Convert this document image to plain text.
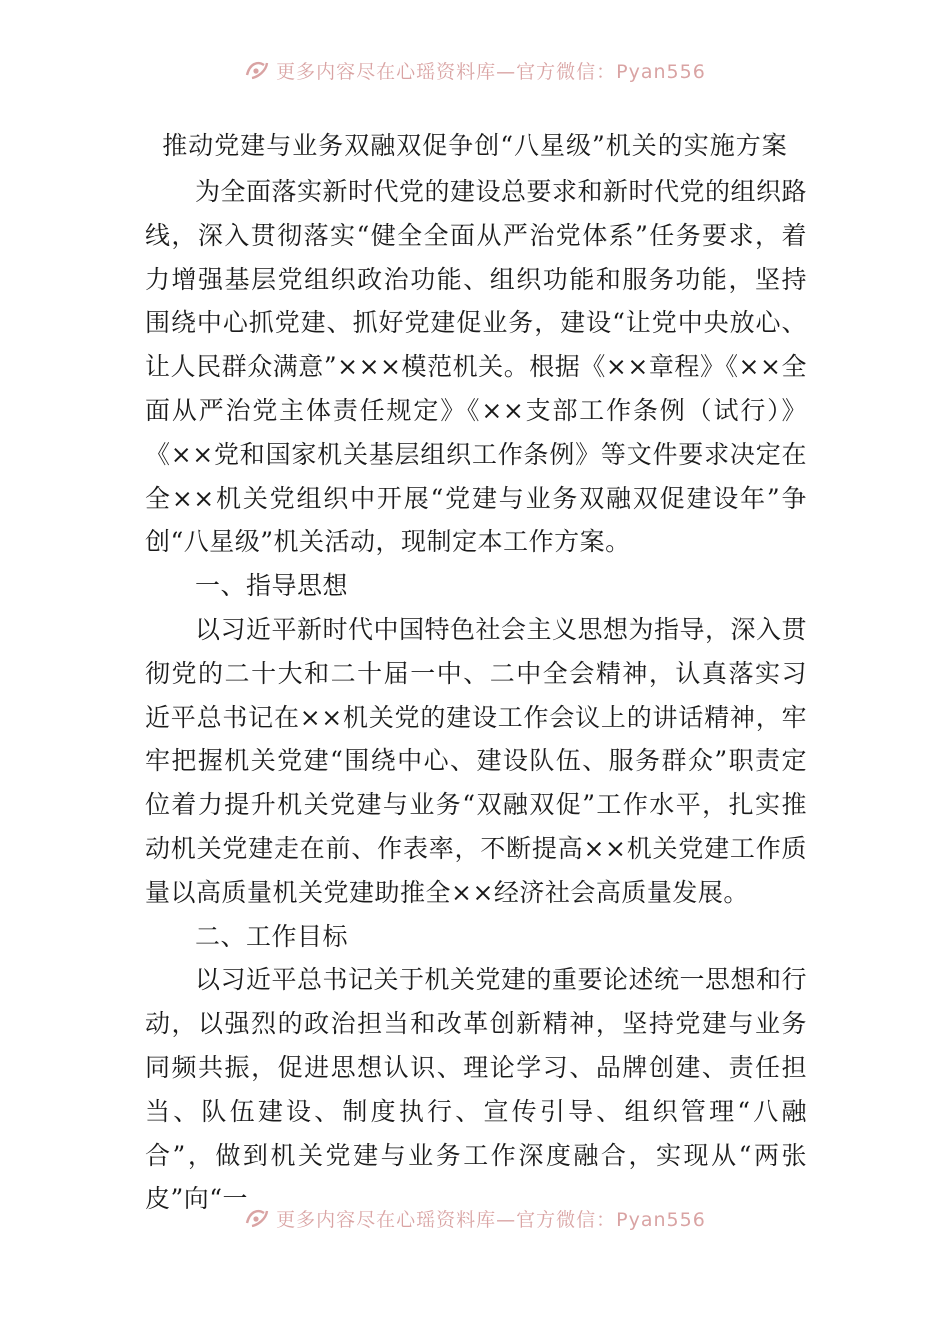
更多内容尽在心瑶资料库—官方微信：Pyan556
推动党建与业务双融双促争创“八星级”机关的实施方案

为全面落实新时代党的建设总要求和新时代党的组织路线，深入贯彻落实“健全全面从严治党体系”任务要求，着力增强基层党组织政治功能、组织功能和服务功能，坚持围绕中心抓党建、抓好党建促业务，建设“让党中央放心、让人民群众满意”×××模范机关。根据《××章程》《××全面从严治党主体责任规定》《××支部工作条例（试行）》《××党和国家机关基层组织工作条例》等文件要求决定在全××机关党组织中开展“党建与业务双融双促建设年”争创“八星级”机关活动，现制定本工作方案。

一、指导思想

以习近平新时代中国特色社会主义思想为指导，深入贯彻党的二十大和二十届一中、二中全会精神，认真落实习近平总书记在××机关党的建设工作会议上的讲话精神，牢牢把握机关党建“围绕中心、建设队伍、服务群众”职责定位着力提升机关党建与业务“双融双促”工作水平，扎实推动机关党建走在前、作表率，不断提高××机关党建工作质量以高质量机关党建助推全××经济社会高质量发展。

二、工作目标

以习近平总书记关于机关党建的重要论述统一思想和行动，以强烈的政治担当和改革创新精神，坚持党建与业务同频共振，促进思想认识、理论学习、品牌创建、责任担当、队伍建设、制度执行、宣传引导、组织管理“八融合”，做到机关党建与业务工作深度融合，实现从“两张皮”向“一

更多内容尽在心瑶资料库—官方微信：Pyan556
